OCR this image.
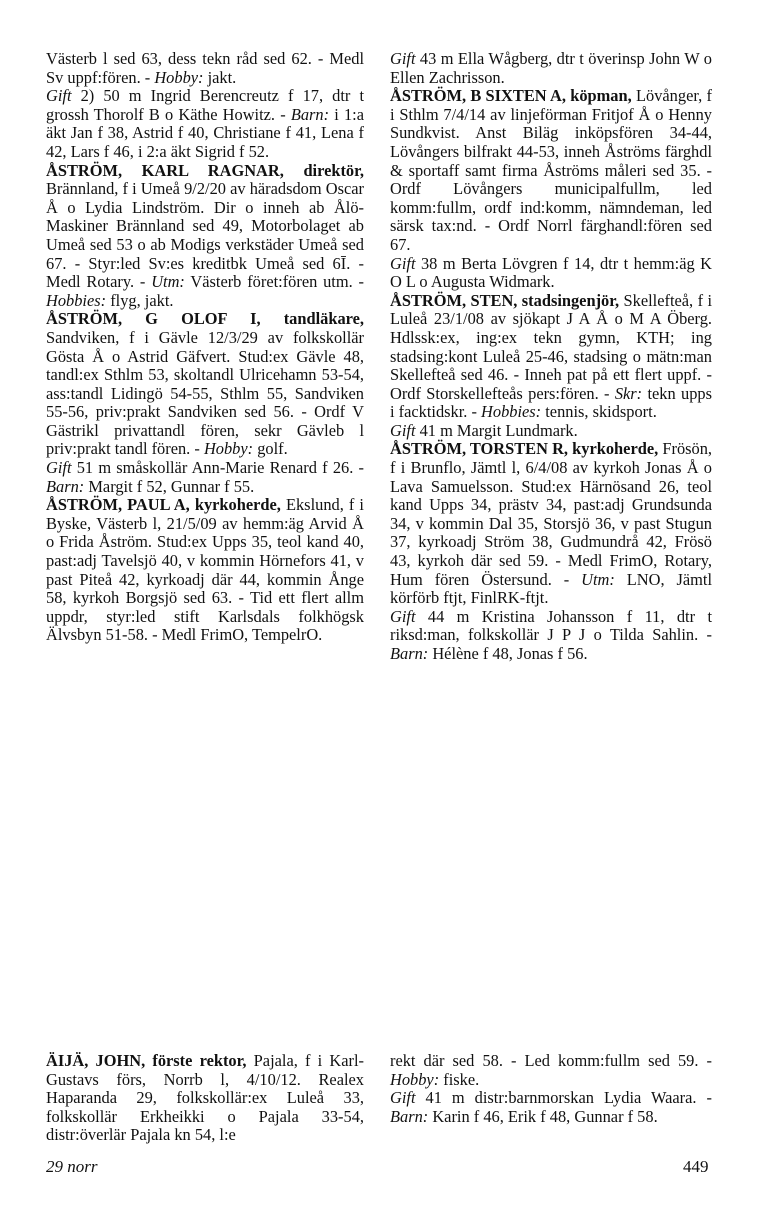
Västerb l sed 63, dess tekn råd sed 62. - Medl Sv uppf:fören. - Hobby: jakt.
Gift 2) 50 m Ingrid Berencreutz f 17, dtr t grossh Thorolf B o Käthe Howitz. - Barn: i 1:a äkt Jan f 38, Astrid f 40, Christiane f 41, Lena f 42, Lars f 46, i 2:a äkt Sigrid f 52.

ÅSTRÖM, KARL RAGNAR, direktör, Brännland, f i Umeå 9/2/20 av häradsdom Oscar Å o Lydia Lindström. Dir o inneh ab Ålö-Maskiner Brännland sed 49, Motorbolaget ab Umeå sed 53 o ab Modigs verkstäder Umeå sed 67. - Styr:led Sv:es kreditbk Umeå sed 6Ī. - Medl Rotary. - Utm: Västerb föret:fören utm. - Hobbies: flyg, jakt.

ÅSTRÖM, G OLOF I, tandläkare, Sandviken, f i Gävle 12/3/29 av folkskollär Gösta Å o Astrid Gäfvert. Stud:ex Gävle 48, tandl:ex Sthlm 53, skoltandl Ulricehamn 53-54, ass:tandl Lidingö 54-55, Sthlm 55, Sandviken 55-56, priv:prakt Sandviken sed 56. - Ordf V Gästrikl privattandl fören, sekr Gävleb l priv:prakt tandl fören. - Hobby: golf.
Gift 51 m småskollär Ann-Marie Renard f 26. - Barn: Margit f 52, Gunnar f 55.

ÅSTRÖM, PAUL A, kyrkoherde, Ekslund, f i Byske, Västerb l, 21/5/09 av hemm:äg Arvid Å o Frida Åström. Stud:ex Upps 35, teol kand 40, past:adj Tavelsjö 40, v kommin Hörnefors 41, v past Piteå 42, kyrkoadj där 44, kommin Ånge 58, kyrkoh Borgsjö sed 63. - Tid ett flert allm uppdr, styr:led stift Karlsdals folkhögsk Älvsbyn 51-58. - Medl FrimO, TempelrO.

Gift 43 m Ella Wågberg, dtr t överinsp John W o Ellen Zachrisson.

ÅSTRÖM, B SIXTEN A, köpman, Lövånger, f i Sthlm 7/4/14 av linjeförman Fritjof Å o Henny Sundkvist. Anst Biläg inköpsfören 34-44, Lövångers bilfrakt 44-53, inneh Åströms färghdl & sportaff samt firma Åströms måleri sed 35. - Ordf Lövångers municipalfullm, led komm:fullm, ordf ind:komm, nämndeman, led särsk tax:nd. - Ordf Norrl färghandl:fören sed 67.
Gift 38 m Berta Lövgren f 14, dtr t hemm:äg K O L o Augusta Widmark.

ÅSTRÖM, STEN, stadsingenjör, Skellefteå, f i Luleå 23/1/08 av sjökapt J A Å o M A Öberg. Hdlssk:ex, ing:ex tekn gymn, KTH; ing stadsing:kont Luleå 25-46, stadsing o mätn:man Skellefteå sed 46. - Inneh pat på ett flert uppf. - Ordf Storskellefteås pers:fören. - Skr: tekn upps i facktidskr. - Hobbies: tennis, skidsport.
Gift 41 m Margit Lundmark.

ÅSTRÖM, TORSTEN R, kyrkoherde, Frösön, f i Brunflo, Jämtl l, 6/4/08 av kyrkoh Jonas Å o Lava Samuelsson. Stud:ex Härnösand 26, teol kand Upps 34, prästv 34, past:adj Grundsunda 34, v kommin Dal 35, Storsjö 36, v past Stugun 37, kyrkoadj Ström 38, Gudmundrå 42, Frösö 43, kyrkoh där sed 59. - Medl FrimO, Rotary, Hum fören Östersund. - Utm: LNO, Jämtl körförb ftjt, FinlRK-ftjt.
Gift 44 m Kristina Johansson f 11, dtr t riksd:man, folkskollär J P J o Tilda Sahlin. - Barn: Hélène f 48, Jonas f 56.

ÄIJÄ, JOHN, förste rektor, Pajala, f i Karl-Gustavs förs, Norrb l, 4/10/12. Realex Haparanda 29, folkskollär:ex Luleå 33, folkskollär Erkheikki o Pajala 33-54, distr:överlär Pajala kn 54, l:e

rekt där sed 58. - Led komm:fullm sed 59. - Hobby: fiske.
Gift 41 m distr:barnmorskan Lydia Waara. - Barn: Karin f 46, Erik f 48, Gunnar f 58.

29 norr	449
